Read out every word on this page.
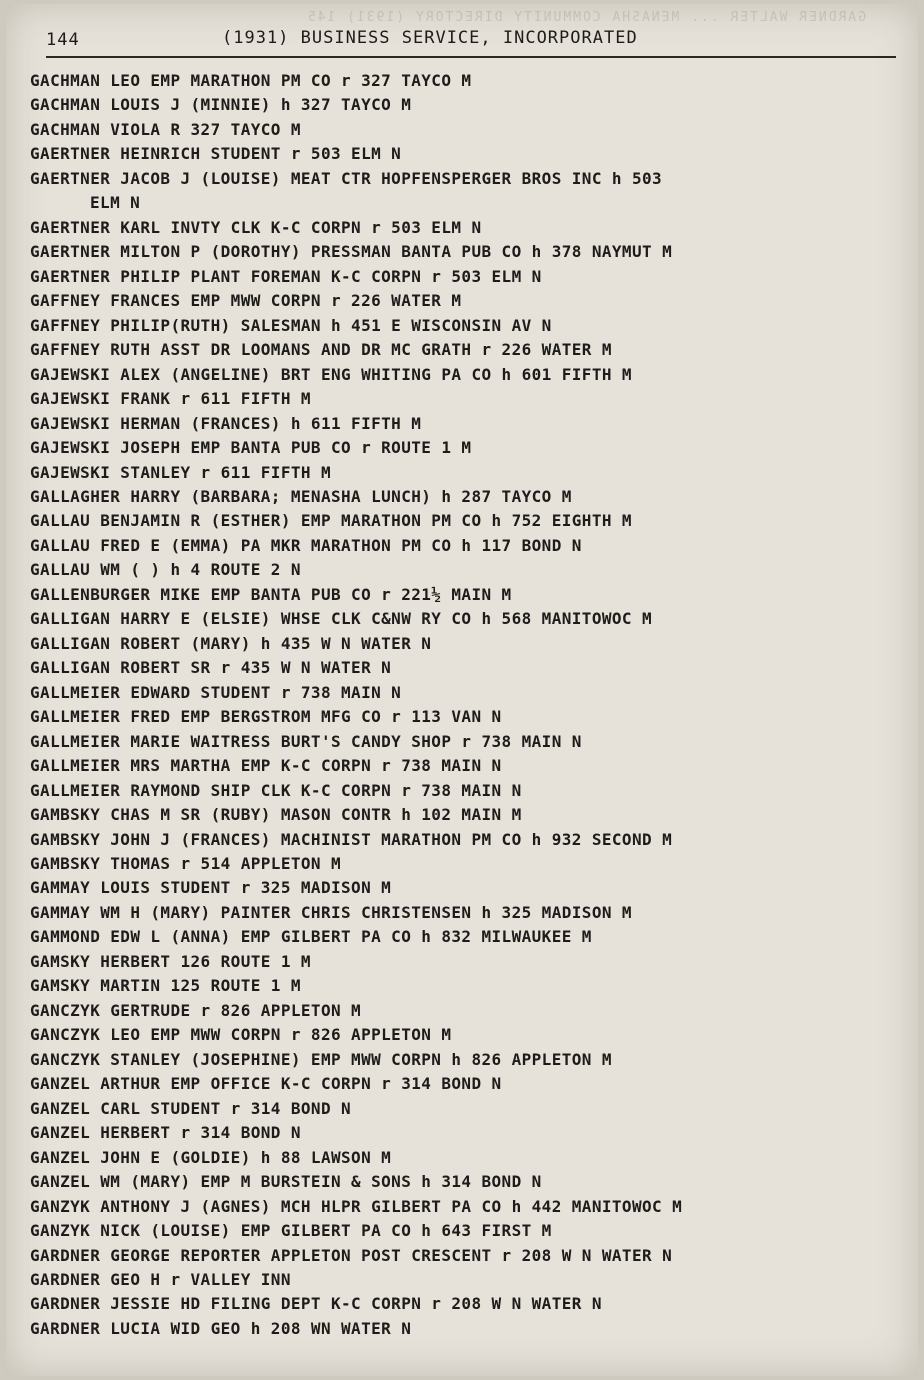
GARDNER WALTER ... MENASHA COMMUNITY DIRECTORY (1931) 145
144	(1931) BUSINESS SERVICE, INCORPORATED
GACHMAN LEO EMP MARATHON PM CO r 327 TAYCO M
GACHMAN LOUIS J (MINNIE) h 327 TAYCO M
GACHMAN VIOLA R 327 TAYCO M
GAERTNER HEINRICH STUDENT r 503 ELM N
GAERTNER JACOB J (LOUISE) MEAT CTR HOPFENSPERGER BROS INC h 503
ELM N
GAERTNER KARL INVTY CLK K-C CORPN r 503 ELM N
GAERTNER MILTON P (DOROTHY) PRESSMAN BANTA PUB CO h 378 NAYMUT M
GAERTNER PHILIP PLANT FOREMAN K-C CORPN r 503 ELM N
GAFFNEY FRANCES EMP MWW CORPN r 226 WATER M
GAFFNEY PHILIP(RUTH) SALESMAN h 451 E WISCONSIN AV N
GAFFNEY RUTH ASST DR LOOMANS AND DR MC GRATH r 226 WATER M
GAJEWSKI ALEX (ANGELINE) BRT ENG WHITING PA CO h 601 FIFTH M
GAJEWSKI FRANK r 611 FIFTH M
GAJEWSKI HERMAN (FRANCES) h 611 FIFTH M
GAJEWSKI JOSEPH EMP BANTA PUB CO r ROUTE 1 M
GAJEWSKI STANLEY r 611 FIFTH M
GALLAGHER HARRY (BARBARA; MENASHA LUNCH) h 287 TAYCO M
GALLAU BENJAMIN R (ESTHER) EMP MARATHON PM CO h 752 EIGHTH M
GALLAU FRED E (EMMA) PA MKR MARATHON PM CO h 117 BOND N
GALLAU WM ( ) h 4 ROUTE 2 N
GALLENBURGER MIKE EMP BANTA PUB CO r 221½ MAIN M
GALLIGAN HARRY E (ELSIE) WHSE CLK C&NW RY CO h 568 MANITOWOC M
GALLIGAN ROBERT (MARY) h 435 W N WATER N
GALLIGAN ROBERT SR r 435 W N WATER N
GALLMEIER EDWARD STUDENT r 738 MAIN N
GALLMEIER FRED EMP BERGSTROM MFG CO r 113 VAN N
GALLMEIER MARIE WAITRESS BURT'S CANDY SHOP r 738 MAIN N
GALLMEIER MRS MARTHA EMP K-C CORPN r 738 MAIN N
GALLMEIER RAYMOND SHIP CLK K-C CORPN r 738 MAIN N
GAMBSKY CHAS M SR (RUBY) MASON CONTR h 102 MAIN M
GAMBSKY JOHN J (FRANCES) MACHINIST MARATHON PM CO h 932 SECOND M
GAMBSKY THOMAS r 514 APPLETON M
GAMMAY LOUIS STUDENT r 325 MADISON M
GAMMAY WM H (MARY) PAINTER CHRIS CHRISTENSEN h 325 MADISON M
GAMMOND EDW L (ANNA) EMP GILBERT PA CO h 832 MILWAUKEE M
GAMSKY HERBERT 126 ROUTE 1 M
GAMSKY MARTIN 125 ROUTE 1 M
GANCZYK GERTRUDE r 826 APPLETON M
GANCZYK LEO EMP MWW CORPN r 826 APPLETON M
GANCZYK STANLEY (JOSEPHINE) EMP MWW CORPN h 826 APPLETON M
GANZEL ARTHUR EMP OFFICE K-C CORPN r 314 BOND N
GANZEL CARL STUDENT r 314 BOND N
GANZEL HERBERT r 314 BOND N
GANZEL JOHN E (GOLDIE) h 88 LAWSON M
GANZEL WM (MARY) EMP M BURSTEIN & SONS h 314 BOND N
GANZYK ANTHONY J (AGNES) MCH HLPR GILBERT PA CO h 442 MANITOWOC M
GANZYK NICK (LOUISE) EMP GILBERT PA CO h 643 FIRST M
GARDNER GEORGE REPORTER APPLETON POST CRESCENT r 208 W N WATER N
GARDNER GEO H r VALLEY INN
GARDNER JESSIE HD FILING DEPT K-C CORPN r 208 W N WATER N
GARDNER LUCIA WID GEO h 208 WN WATER N
